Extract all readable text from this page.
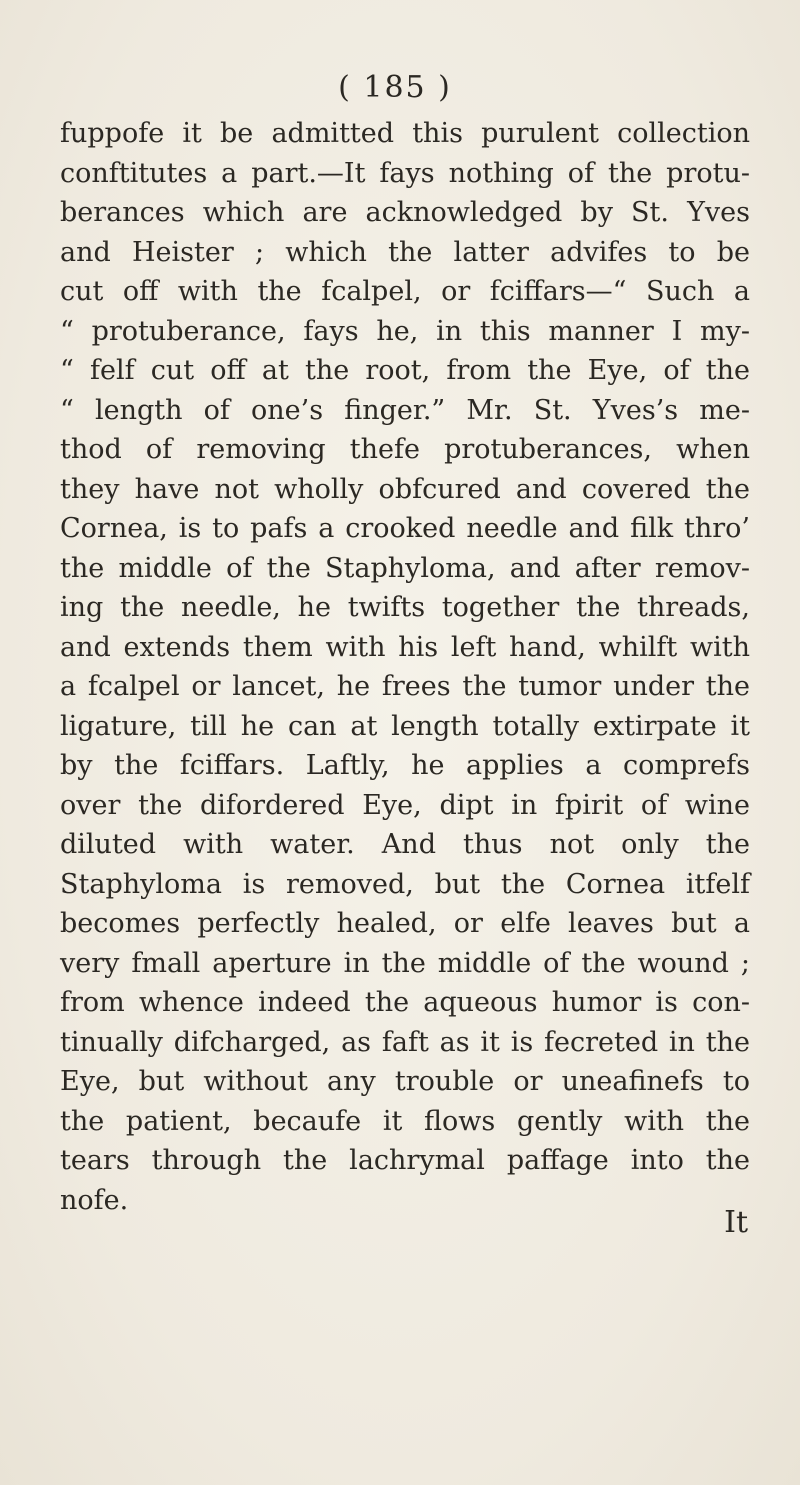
( 185 )
fuppofe it be admitted this purulent collection
conftitutes a part.—It fays nothing of the protu-
berances which are acknowledged by St. Yves
and Heister ; which the latter advifes to be
cut off with the fcalpel, or fciffars—“ Such a
“ protuberance, fays he, in this manner I my-
“ felf cut off at the root, from the Eye, of the
“ length of one’s finger.” Mr. St. Yves’s me-
thod of removing thefe protuberances, when
they have not wholly obfcured and covered the
Cornea, is to pafs a crooked needle and filk thro’
the middle of the Staphyloma, and after remov-
ing the needle, he twifts together the threads,
and extends them with his left hand, whilft with
a fcalpel or lancet, he frees the tumor under the
ligature, till he can at length totally extirpate it
by the fciffars. Laftly, he applies a comprefs
over the difordered Eye, dipt in fpirit of wine
diluted with water. And thus not only the
Staphyloma is removed, but the Cornea itfelf
becomes perfectly healed, or elfe leaves but a
very fmall aperture in the middle of the wound ;
from whence indeed the aqueous humor is con-
tinually difcharged, as faft as it is fecreted in the
Eye, but without any trouble or uneafinefs to
the patient, becaufe it flows gently with the
tears through the lachrymal paffage into the
nofe.
It
